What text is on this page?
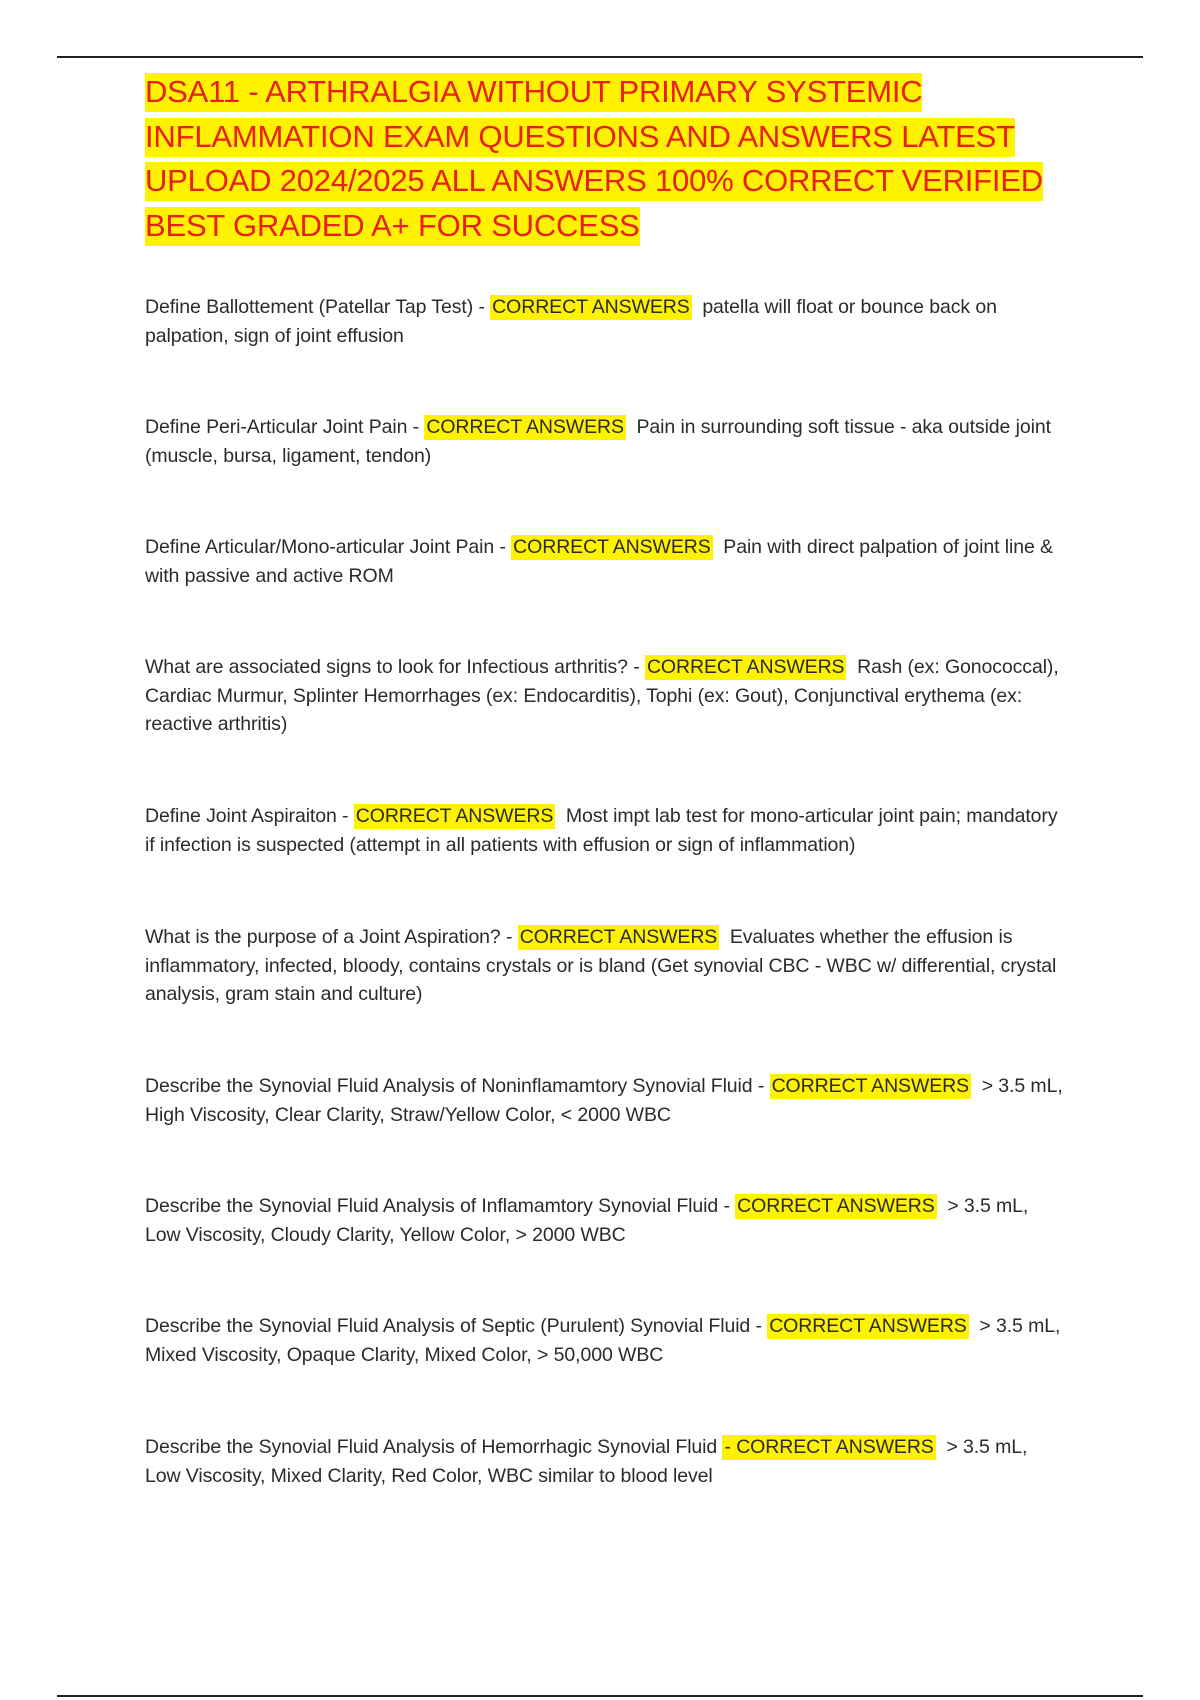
DSA11 - ARTHRALGIA WITHOUT PRIMARY SYSTEMIC INFLAMMATION EXAM QUESTIONS AND ANSWERS LATEST UPLOAD 2024/2025 ALL ANSWERS 100% CORRECT VERIFIED BEST GRADED A+ FOR SUCCESS

Define Ballottement (Patellar Tap Test) - CORRECT ANSWERS patella will float or bounce back on palpation, sign of joint effusion

Define Peri-Articular Joint Pain - CORRECT ANSWERS Pain in surrounding soft tissue - aka outside joint (muscle, bursa, ligament, tendon)

Define Articular/Mono-articular Joint Pain - CORRECT ANSWERS Pain with direct palpation of joint line & with passive and active ROM

What are associated signs to look for Infectious arthritis? - CORRECT ANSWERS Rash (ex: Gonococcal), Cardiac Murmur, Splinter Hemorrhages (ex: Endocarditis), Tophi (ex: Gout), Conjunctival erythema (ex: reactive arthritis)

Define Joint Aspiraiton - CORRECT ANSWERS Most impt lab test for mono-articular joint pain; mandatory if infection is suspected (attempt in all patients with effusion or sign of inflammation)

What is the purpose of a Joint Aspiration? - CORRECT ANSWERS Evaluates whether the effusion is inflammatory, infected, bloody, contains crystals or is bland (Get synovial CBC - WBC w/ differential, crystal analysis, gram stain and culture)

Describe the Synovial Fluid Analysis of Noninflamamtory Synovial Fluid - CORRECT ANSWERS > 3.5 mL, High Viscosity, Clear Clarity, Straw/Yellow Color, < 2000 WBC

Describe the Synovial Fluid Analysis of Inflamamtory Synovial Fluid - CORRECT ANSWERS > 3.5 mL, Low Viscosity, Cloudy Clarity, Yellow Color, > 2000 WBC

Describe the Synovial Fluid Analysis of Septic (Purulent) Synovial Fluid - CORRECT ANSWERS > 3.5 mL, Mixed Viscosity, Opaque Clarity, Mixed Color, > 50,000 WBC

Describe the Synovial Fluid Analysis of Hemorrhagic Synovial Fluid - CORRECT ANSWERS > 3.5 mL, Low Viscosity, Mixed Clarity, Red Color, WBC similar to blood level
